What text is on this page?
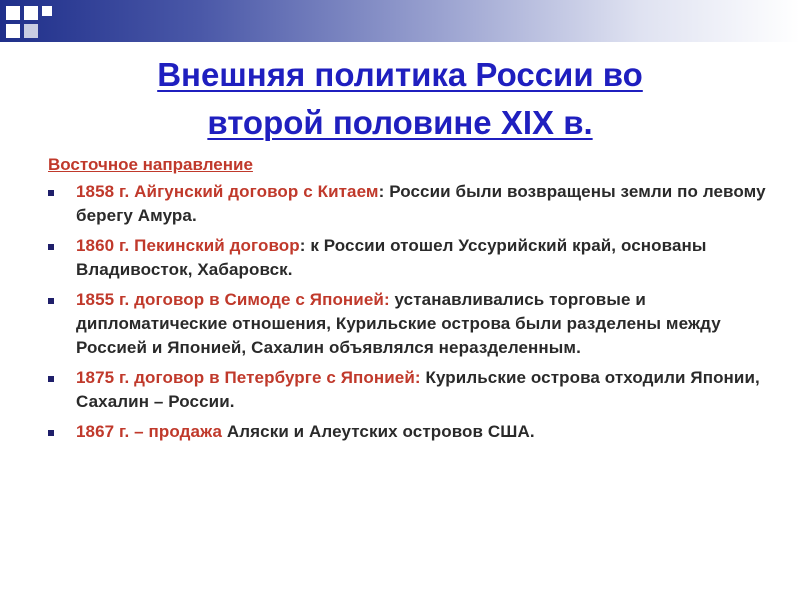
Внешняя политика России во
второй половине XIX в.
Восточное направление
1858 г. Айгунский договор с Китаем: России были возвращены земли по левому берегу Амура.
1860 г. Пекинский договор: к России отошел Уссурийский край, основаны Владивосток, Хабаровск.
1855 г. договор в Симоде с Японией: устанавливались торговые и дипломатические отношения, Курильские острова были разделены между Россией и Японией, Сахалин объявлялся неразделенным.
1875 г. договор в Петербурге с Японией: Курильские острова отходили Японии, Сахалин – России.
1867 г. – продажа Аляски и Алеутских островов США.
